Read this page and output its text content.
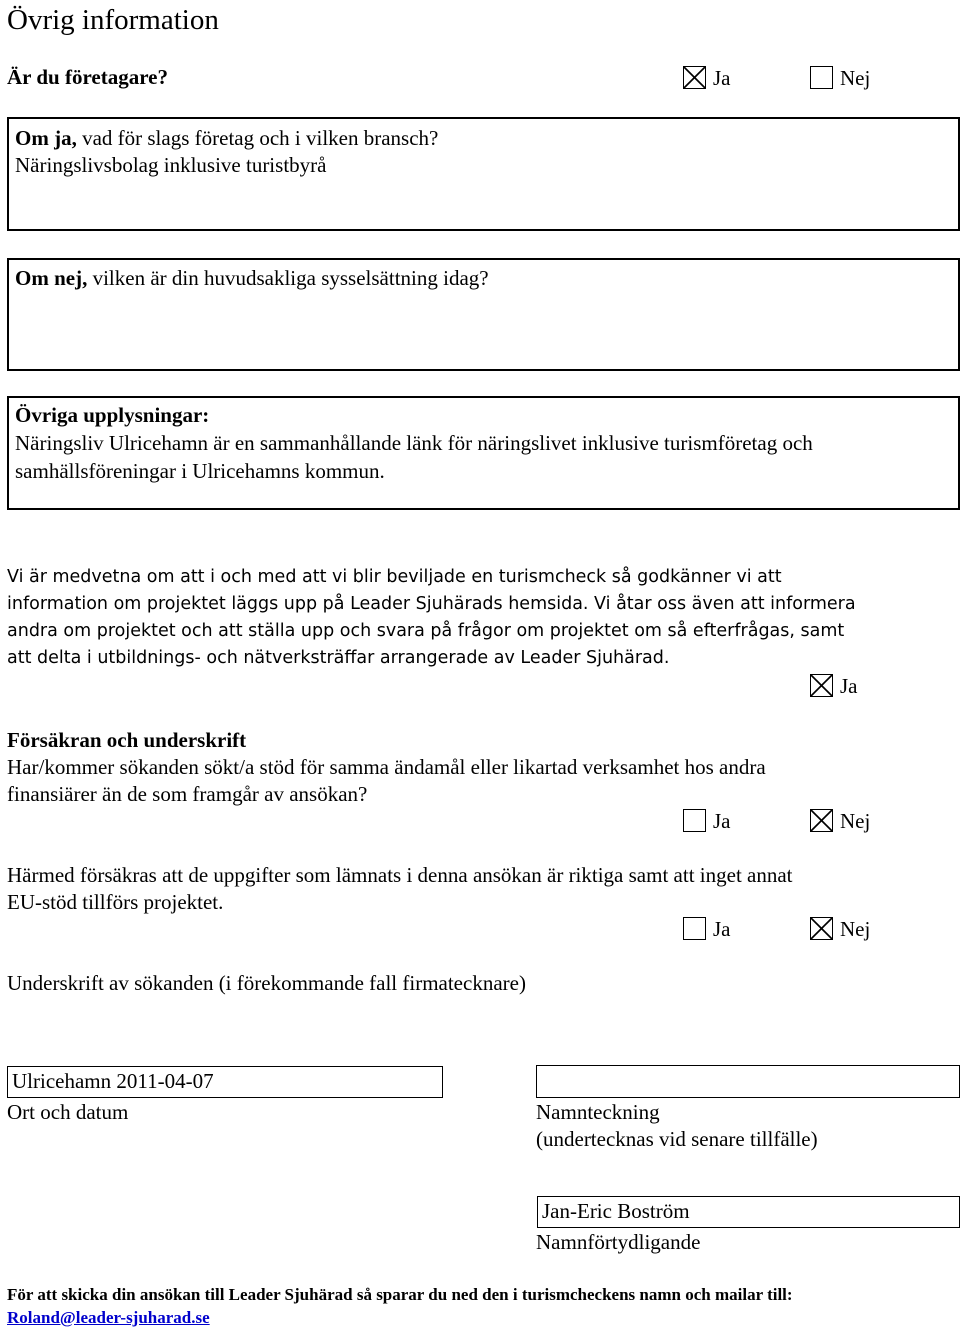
Övrig information
Är du företagare?	Ja	Nej
Om ja, vad för slags företag och i vilken bransch?
Näringslivsbolag inklusive turistbyrå
Om nej, vilken är din huvudsakliga sysselsättning idag?
Övriga upplysningar:
Näringsliv Ulricehamn är en sammanhållande länk för näringslivet inklusive turismföretag och
samhällsföreningar i Ulricehamns kommun.
Vi är medvetna om att i och med att vi blir beviljade en turismcheck så godkänner vi att
information om projektet läggs upp på Leader Sjuhärads hemsida. Vi åtar oss även att informera
andra om projektet och att ställa upp och svara på frågor om projektet om så efterfrågas, samt
att delta i utbildnings- och nätverksträffar arrangerade av Leader Sjuhärad.
Ja
Försäkran och underskrift
Har/kommer sökanden sökt/a stöd för samma ändamål eller likartad verksamhet hos andra
finansiärer än de som framgår av ansökan?
Ja	Nej
Härmed försäkras att de uppgifter som lämnats i denna ansökan är riktiga samt att inget annat
EU-stöd tillförs projektet.
Ja	Nej
Underskrift av sökanden (i förekommande fall firmatecknare)
Ulricehamn 2011-04-07
Ort och datum	Namnteckning
(undertecknas vid senare tillfälle)
Jan-Eric Boström
Namnförtydligande
För att skicka din ansökan till Leader Sjuhärad så sparar du ned den i turismcheckens namn och mailar till:
Roland@leader-sjuharad.se
